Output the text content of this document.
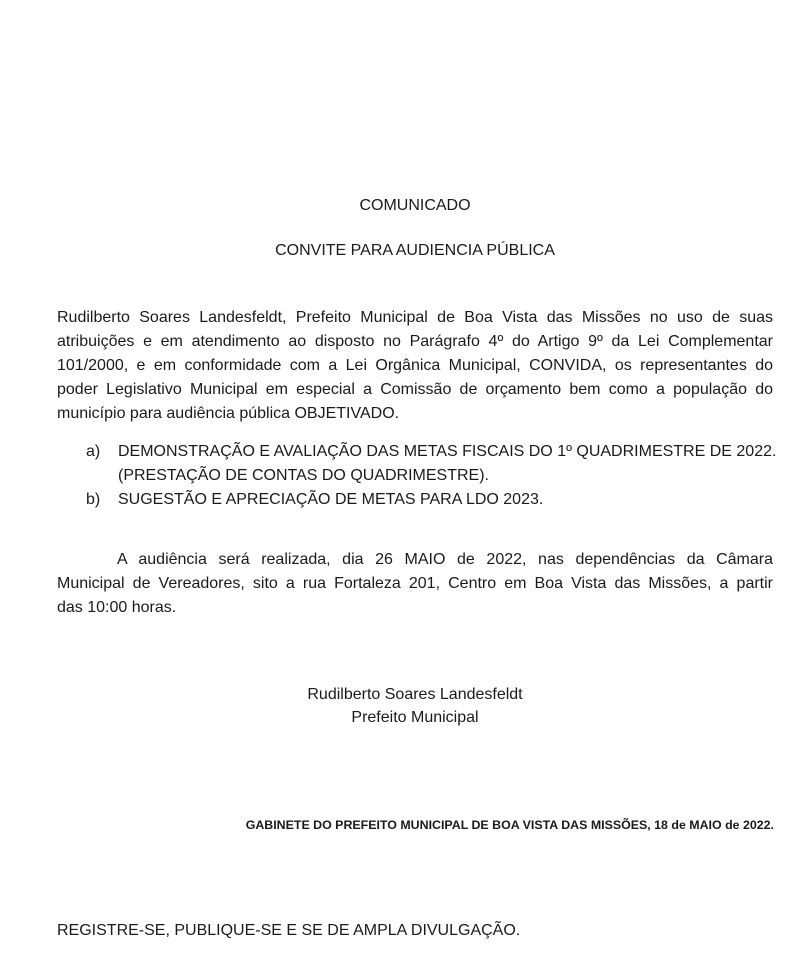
COMUNICADO
CONVITE PARA AUDIENCIA PÚBLICA
Rudilberto Soares Landesfeldt, Prefeito Municipal de Boa Vista das Missões no uso de suas
atribuições e em atendimento ao disposto no Parágrafo 4º do Artigo 9º da Lei Complementar
101/2000, e em conformidade com a Lei Orgânica Municipal, CONVIDA, os representantes do
poder Legislativo Municipal em especial a Comissão de orçamento bem como a população do
município para audiência pública OBJETIVADO.
a) DEMONSTRAÇÃO E AVALIAÇÃO DAS METAS FISCAIS DO 1º QUADRIMESTRE DE 2022.
(PRESTAÇÃO DE CONTAS DO QUADRIMESTRE).
b) SUGESTÃO E APRECIAÇÃO DE METAS PARA LDO 2023.
A audiência será realizada, dia 26 MAIO de 2022, nas dependências da Câmara
Municipal de Vereadores, sito a rua Fortaleza 201, Centro em Boa Vista das Missões, a partir
das 10:00 horas.
Rudilberto Soares Landesfeldt
Prefeito Municipal
GABINETE DO PREFEITO MUNICIPAL DE BOA VISTA DAS MISSÕES, 18 de MAIO de 2022.
REGISTRE-SE, PUBLIQUE-SE E SE DE AMPLA DIVULGAÇÃO.
